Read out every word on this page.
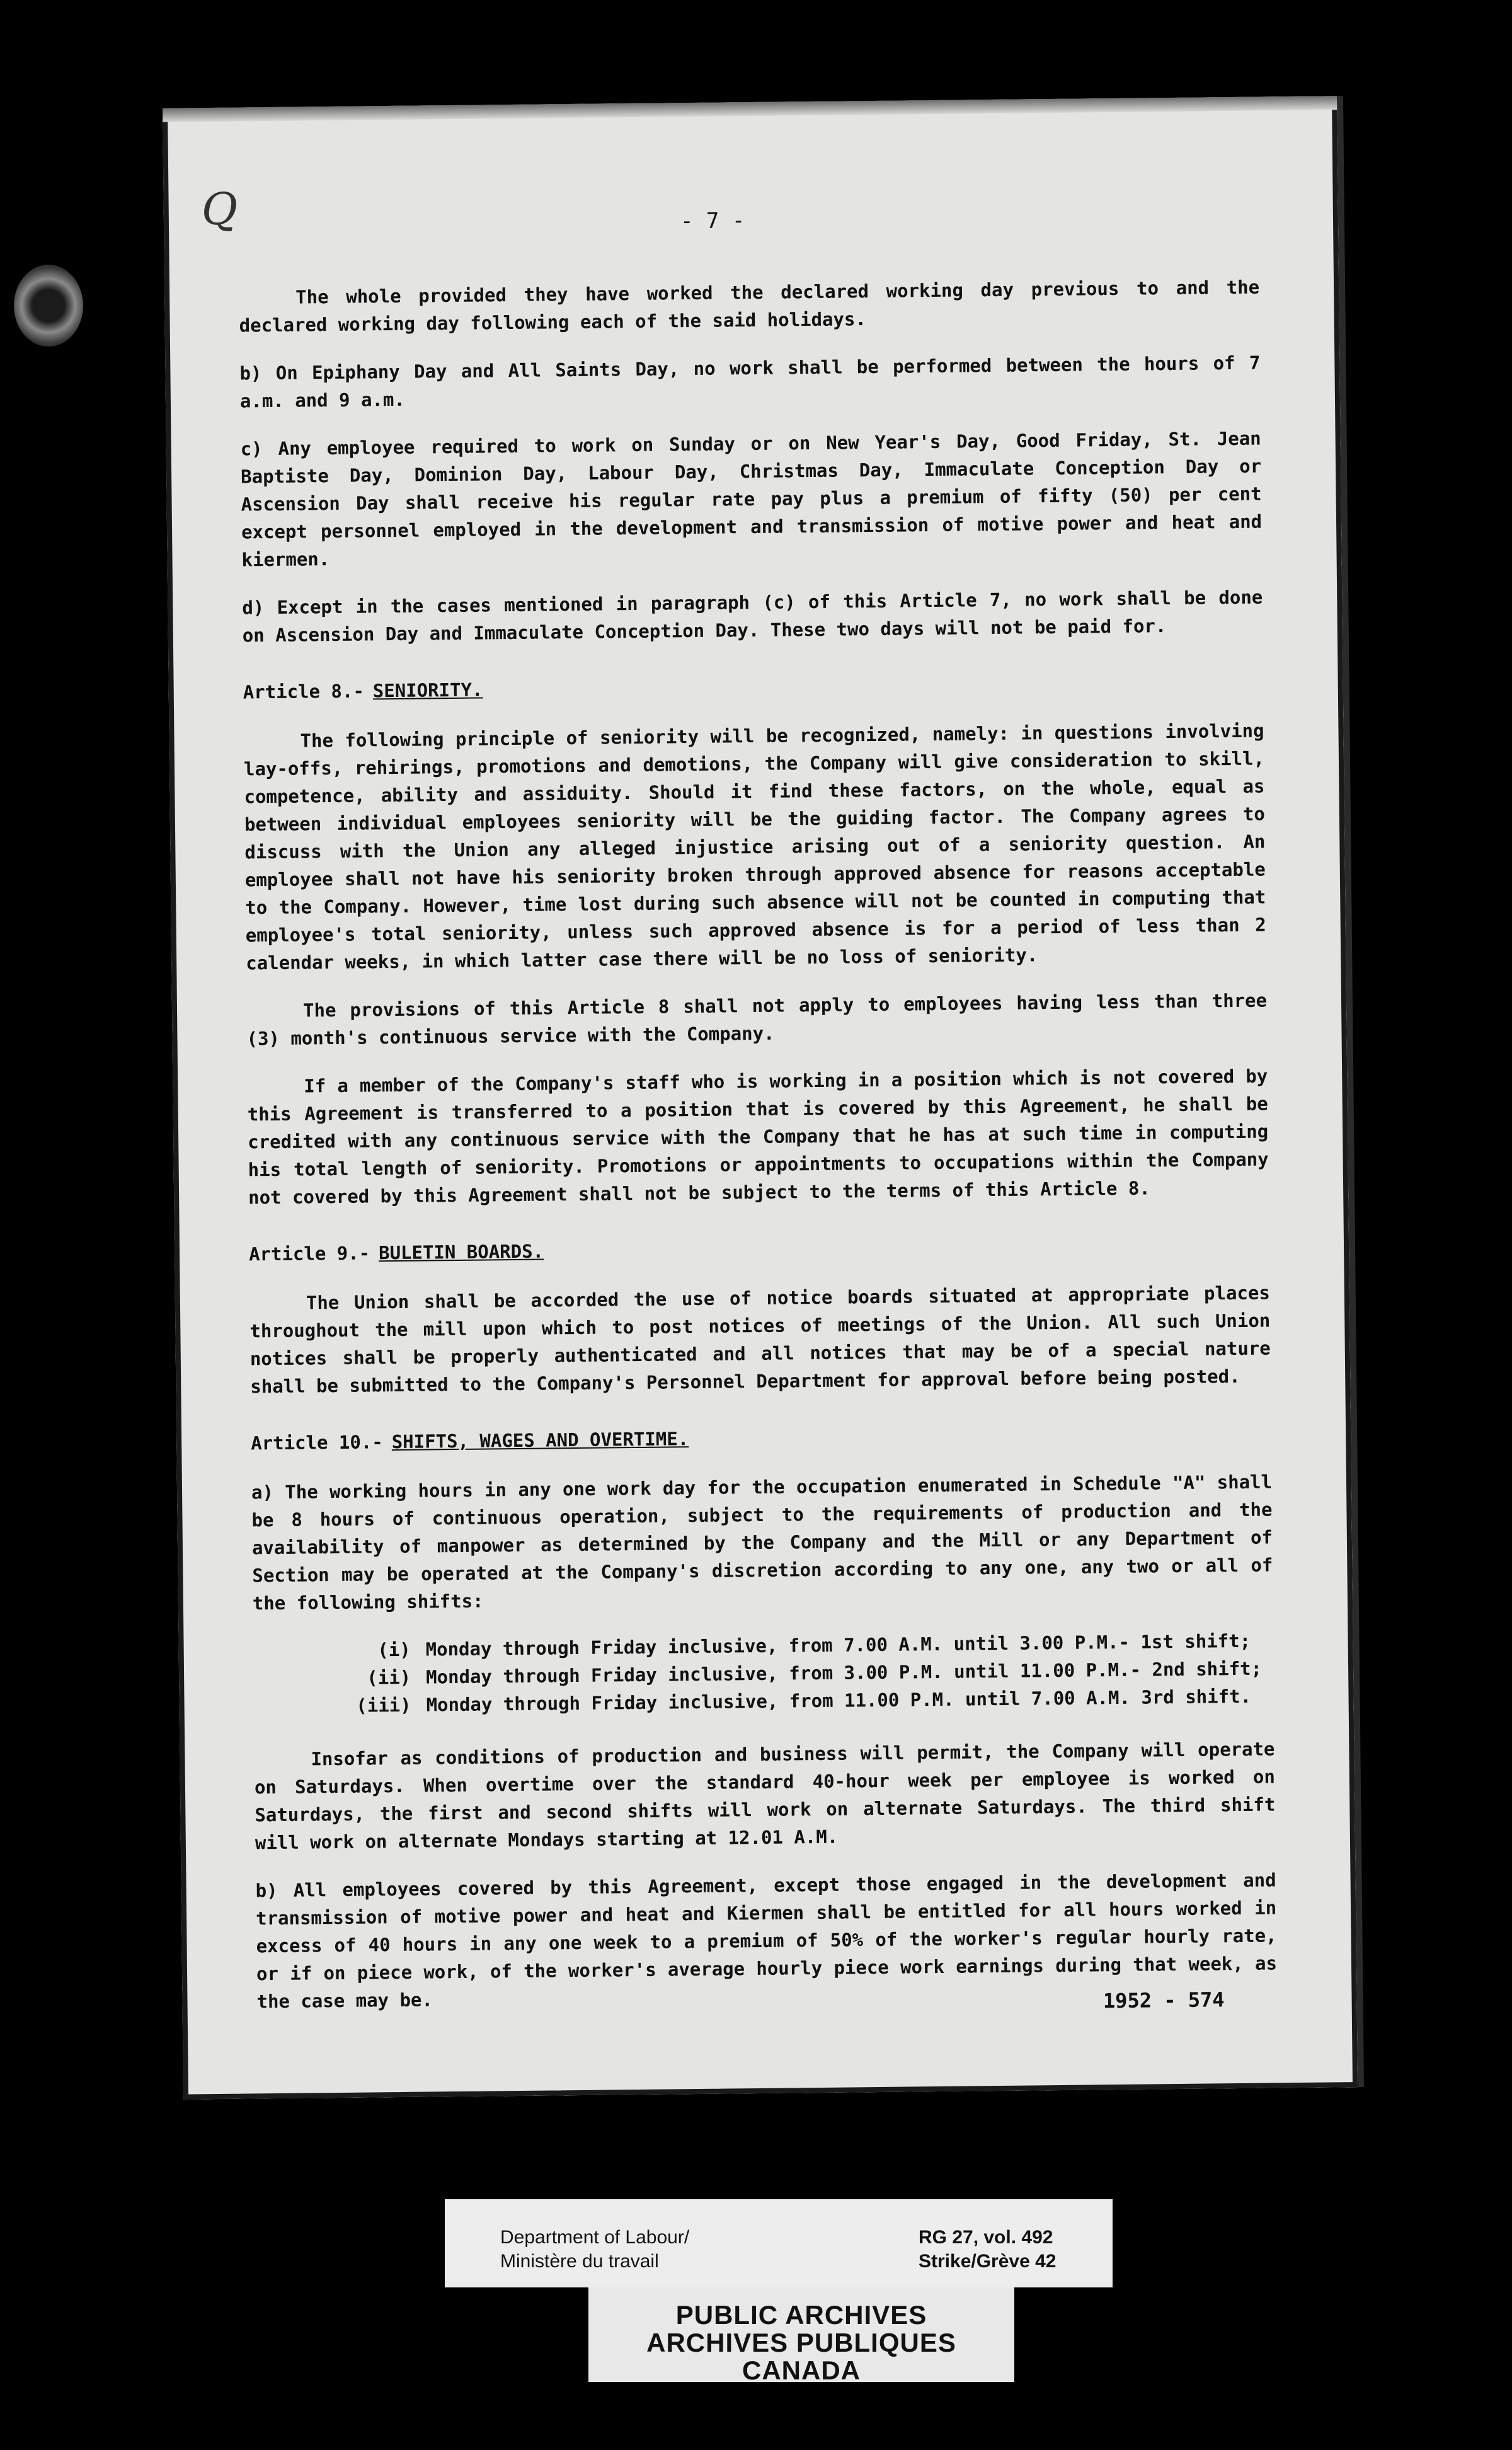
Q	- 7 -

The whole provided they have worked the declared working day previous to and the declared working day following each of the said holidays.

b) On Epiphany Day and All Saints Day, no work shall be performed between the hours of 7 a.m. and 9 a.m.

c) Any employee required to work on Sunday or on New Year's Day, Good Friday, St. Jean Baptiste Day, Dominion Day, Labour Day, Christmas Day, Immaculate Conception Day or Ascension Day shall receive his regular rate pay plus a premium of fifty (50) per cent except personnel employed in the development and transmission of motive power and heat and kiermen.

d) Except in the cases mentioned in paragraph (c) of this Article 7, no work shall be done on Ascension Day and Immaculate Conception Day. These two days will not be paid for.

Article 8.- SENIORITY.

The following principle of seniority will be recognized, namely: in questions involving lay-offs, rehirings, promotions and demotions, the Company will give consideration to skill, competence, ability and assiduity. Should it find these factors, on the whole, equal as between individual employees seniority will be the guiding factor. The Company agrees to discuss with the Union any alleged injustice arising out of a seniority question. An employee shall not have his seniority broken through approved absence for reasons acceptable to the Company. However, time lost during such absence will not be counted in computing that employee's total seniority, unless such approved absence is for a period of less than 2 calendar weeks, in which latter case there will be no loss of seniority.

The provisions of this Article 8 shall not apply to employees having less than three (3) month's continuous service with the Company.

If a member of the Company's staff who is working in a position which is not covered by this Agreement is transferred to a position that is covered by this Agreement, he shall be credited with any continuous service with the Company that he has at such time in computing his total length of seniority. Promotions or appointments to occupations within the Company not covered by this Agreement shall not be subject to the terms of this Article 8.

Article 9.- BULETIN BOARDS.

The Union shall be accorded the use of notice boards situated at appropriate places throughout the mill upon which to post notices of meetings of the Union. All such Union notices shall be properly authenticated and all notices that may be of a special nature shall be submitted to the Company's Personnel Department for approval before being posted.

Article 10.- SHIFTS, WAGES AND OVERTIME.

a) The working hours in any one work day for the occupation enumerated in Schedule "A" shall be 8 hours of continuous operation, subject to the requirements of production and the availability of manpower as determined by the Company and the Mill or any Department of Section may be operated at the Company's discretion according to any one, any two or all of the following shifts:

(i) Monday through Friday inclusive, from 7.00 A.M. until 3.00 P.M.- 1st shift;
(ii) Monday through Friday inclusive, from 3.00 P.M. until 11.00 P.M.- 2nd shift;
(iii) Monday through Friday inclusive, from 11.00 P.M. until 7.00 A.M. 3rd shift.

Insofar as conditions of production and business will permit, the Company will operate on Saturdays. When overtime over the standard 40-hour week per employee is worked on Saturdays, the first and second shifts will work on alternate Saturdays. The third shift will work on alternate Mondays starting at 12.01 A.M.

b) All employees covered by this Agreement, except those engaged in the development and transmission of motive power and heat and Kiermen shall be entitled for all hours worked in excess of 40 hours in any one week to a premium of 50% of the worker's regular hourly rate, or if on piece work, of the worker's average hourly piece work earnings during that week, as the case may be.	1952 - 574
Department of Labour/
Ministère du travail
RG 27, vol. 492
Strike/Grève 42
PUBLIC ARCHIVES
ARCHIVES PUBLIQUES
CANADA
